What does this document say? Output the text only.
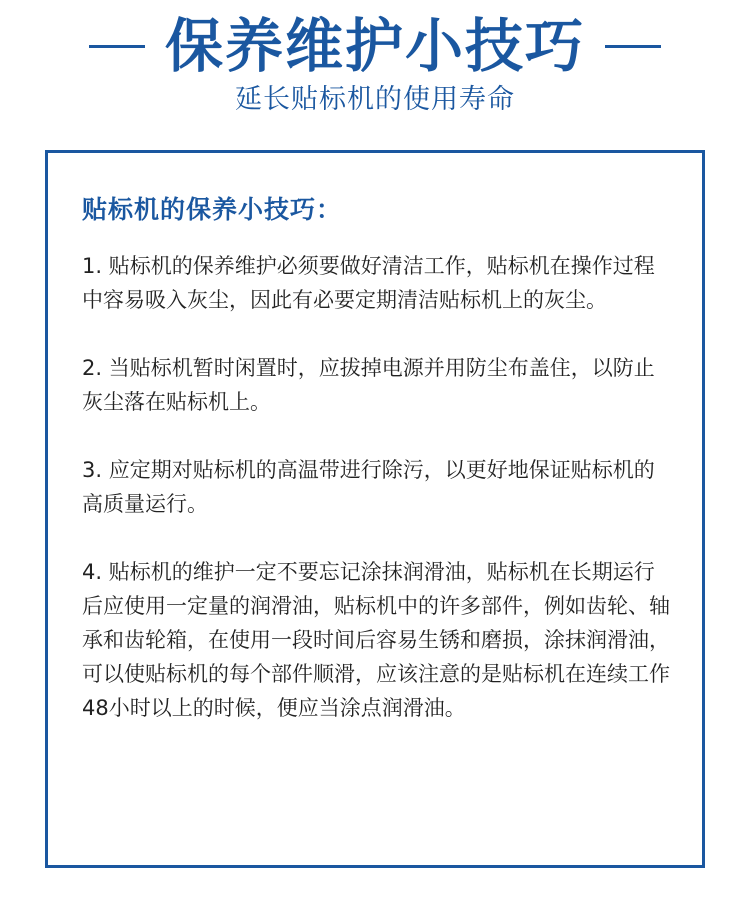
保养维护小技巧
延长贴标机的使用寿命
贴标机的保养小技巧：

1. 贴标机的保养维护必须要做好清洁工作，贴标机在操作过程中容易吸入灰尘，因此有必要定期清洁贴标机上的灰尘。

2. 当贴标机暂时闲置时，应拔掉电源并用防尘布盖住，以防止灰尘落在贴标机上。

3. 应定期对贴标机的高温带进行除污，以更好地保证贴标机的高质量运行。

4. 贴标机的维护一定不要忘记涂抹润滑油，贴标机在长期运行后应使用一定量的润滑油，贴标机中的许多部件，例如齿轮、轴承和齿轮箱，在使用一段时间后容易生锈和磨损，涂抹润滑油，可以使贴标机的每个部件顺滑，应该注意的是贴标机在连续工作48小时以上的时候，便应当涂点润滑油。
